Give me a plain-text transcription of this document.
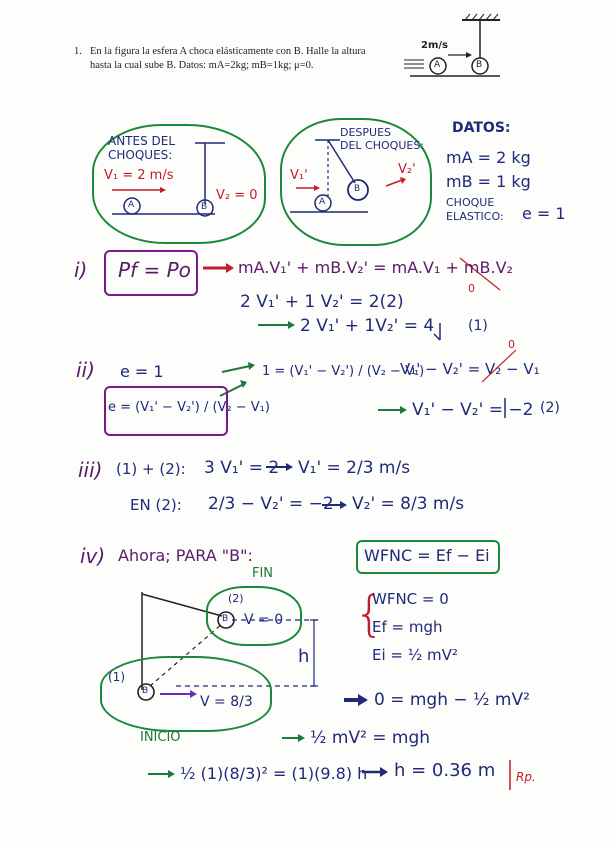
1. En la figura la esfera A choca elásticamente con B. Halle la altura
hasta la cual sube B. Datos: mA=2kg; mB=1kg; μ=0.
2m/s
A	B
ANTES DEL
CHOQUES:
V₁ = 2 m/s
V₂ = 0
A	B
DESPUES
DEL CHOQUES:
V₁'	V₂'
A
B
DATOS:
mA = 2 kg
mB = 1 kg
CHOQUE
ELASTICO: e = 1
i) Pf = Po	mA.V₁' + mB.V₂' = mA.V₁ + mB.V₂
0
2 V₁' + 1 V₂' = 2(2)
2 V₁' + 1V₂' = 4 (1)
ii) e = 1
e = (V₁' − V₂') / (V₂ − V₁)
1 = (V₁' − V₂') / (V₂ − V₁)
V₁' − V₂' = V₂ − V₁
0
V₁' − V₂' = −2 (2)
iii) (1) + (2): 3 V₁' = 2 V₁' = 2/3 m/s
EN (2): 2/3 − V₂' = −2 V₂' = 8/3 m/s
iv) Ahora; PARA "B":
FIN
INICIO
(2)
(1)
V = 0
V = 8/3
h
B
B
WFNC = Ef − Ei
{
WFNC = 0
Ef = mgh
Ei = ½ mV²
0 = mgh − ½ mV²
½ mV² = mgh
½ (1)(8/3)² = (1)(9.8) h h = 0.36 m Rp.
